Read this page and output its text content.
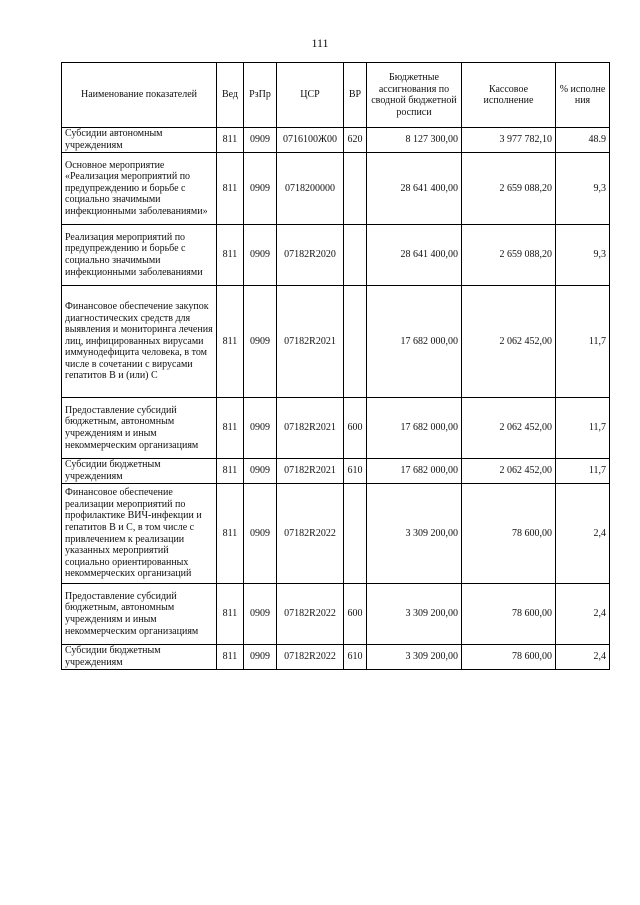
111
Наименование показателей	Вед	РзПр	ЦСР	ВР	Бюджетные ассигнования по сводной бюджетной росписи	Кассовое исполнение	% исполне ния
Субсидии автономным учреждениям	811	0909	0716100Ж00	620	8 127 300,00	3 977 782,10	48.9
Основное мероприятие «Реализация мероприятий по предупреждению и борьбе с социально значимыми инфекционными заболеваниями»	811	0909	0718200000		28 641 400,00	2 659 088,20	9,3
Реализация мероприятий по предупреждению и борьбе с социально значимыми инфекционными заболеваниями	811	0909	07182R2020		28 641 400,00	2 659 088,20	9,3
Финансовое обеспечение закупок диагностических средств для выявления и мониторинга лечения лиц, инфицированных вирусами иммунодефицита человека, в том числе в сочетании с вирусами гепатитов В и (или) С	811	0909	07182R2021		17 682 000,00	2 062 452,00	11,7
Предоставление субсидий бюджетным, автономным учреждениям и иным некоммерческим организациям	811	0909	07182R2021	600	17 682 000,00	2 062 452,00	11,7
Субсидии бюджетным учреждениям	811	0909	07182R2021	610	17 682 000,00	2 062 452,00	11,7
Финансовое обеспечение реализации мероприятий по профилактике ВИЧ-инфекции и гепатитов В и С, в том числе с привлечением к реализации указанных мероприятий социально ориентированных некоммерческих организаций	811	0909	07182R2022		3 309 200,00	78 600,00	2,4
Предоставление субсидий бюджетным, автономным учреждениям и иным некоммерческим организациям	811	0909	07182R2022	600	3 309 200,00	78 600,00	2,4
Субсидии бюджетным учреждениям	811	0909	07182R2022	610	3 309 200,00	78 600,00	2,4
